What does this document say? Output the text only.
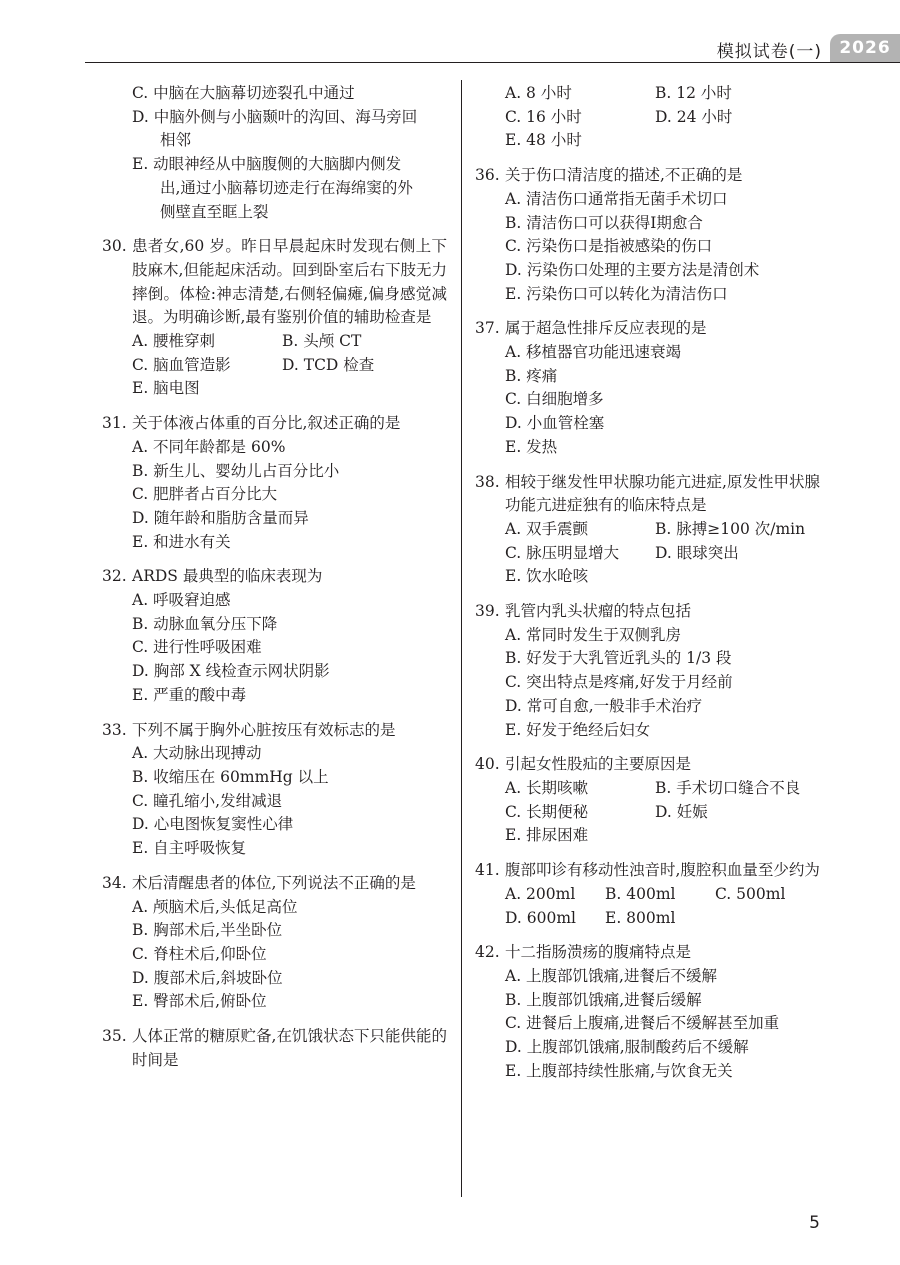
模拟试卷(一)	2026
C. 中脑在大脑幕切迹裂孔中通过
D. 中脑外侧与小脑颞叶的沟回、海马旁回
相邻
E. 动眼神经从中脑腹侧的大脑脚内侧发
出,通过小脑幕切迹走行在海绵窦的外
侧壁直至眶上裂
30. 患者女,60 岁。昨日早晨起床时发现右侧上下肢麻木,但能起床活动。回到卧室后右下肢无力摔倒。体检:神志清楚,右侧轻偏瘫,偏身感觉减退。为明确诊断,最有鉴别价值的辅助检查是
A. 腰椎穿刺	B. 头颅 CT
C. 脑血管造影	D. TCD 检查
E. 脑电图
31. 关于体液占体重的百分比,叙述正确的是
A. 不同年龄都是 60%
B. 新生儿、婴幼儿占百分比小
C. 肥胖者占百分比大
D. 随年龄和脂肪含量而异
E. 和进水有关
32. ARDS 最典型的临床表现为
A. 呼吸窘迫感
B. 动脉血氧分压下降
C. 进行性呼吸困难
D. 胸部 X 线检查示网状阴影
E. 严重的酸中毒
33. 下列不属于胸外心脏按压有效标志的是
A. 大动脉出现搏动
B. 收缩压在 60mmHg 以上
C. 瞳孔缩小,发绀减退
D. 心电图恢复窦性心律
E. 自主呼吸恢复
34. 术后清醒患者的体位,下列说法不正确的是
A. 颅脑术后,头低足高位
B. 胸部术后,半坐卧位
C. 脊柱术后,仰卧位
D. 腹部术后,斜坡卧位
E. 臀部术后,俯卧位
35. 人体正常的糖原贮备,在饥饿状态下只能供能的时间是
A. 8 小时	B. 12 小时
C. 16 小时	D. 24 小时
E. 48 小时
36. 关于伤口清洁度的描述,不正确的是
A. 清洁伤口通常指无菌手术切口
B. 清洁伤口可以获得Ⅰ期愈合
C. 污染伤口是指被感染的伤口
D. 污染伤口处理的主要方法是清创术
E. 污染伤口可以转化为清洁伤口
37. 属于超急性排斥反应表现的是
A. 移植器官功能迅速衰竭
B. 疼痛
C. 白细胞增多
D. 小血管栓塞
E. 发热
38. 相较于继发性甲状腺功能亢进症,原发性甲状腺功能亢进症独有的临床特点是
A. 双手震颤	B. 脉搏≥100 次/min
C. 脉压明显增大	D. 眼球突出
E. 饮水呛咳
39. 乳管内乳头状瘤的特点包括
A. 常同时发生于双侧乳房
B. 好发于大乳管近乳头的 1/3 段
C. 突出特点是疼痛,好发于月经前
D. 常可自愈,一般非手术治疗
E. 好发于绝经后妇女
40. 引起女性股疝的主要原因是
A. 长期咳嗽	B. 手术切口缝合不良
C. 长期便秘	D. 妊娠
E. 排尿困难
41. 腹部叩诊有移动性浊音时,腹腔积血量至少约为
A. 200ml	B. 400ml	C. 500ml
D. 600ml	E. 800ml
42. 十二指肠溃疡的腹痛特点是
A. 上腹部饥饿痛,进餐后不缓解
B. 上腹部饥饿痛,进餐后缓解
C. 进餐后上腹痛,进餐后不缓解甚至加重
D. 上腹部饥饿痛,服制酸药后不缓解
E. 上腹部持续性胀痛,与饮食无关
5
